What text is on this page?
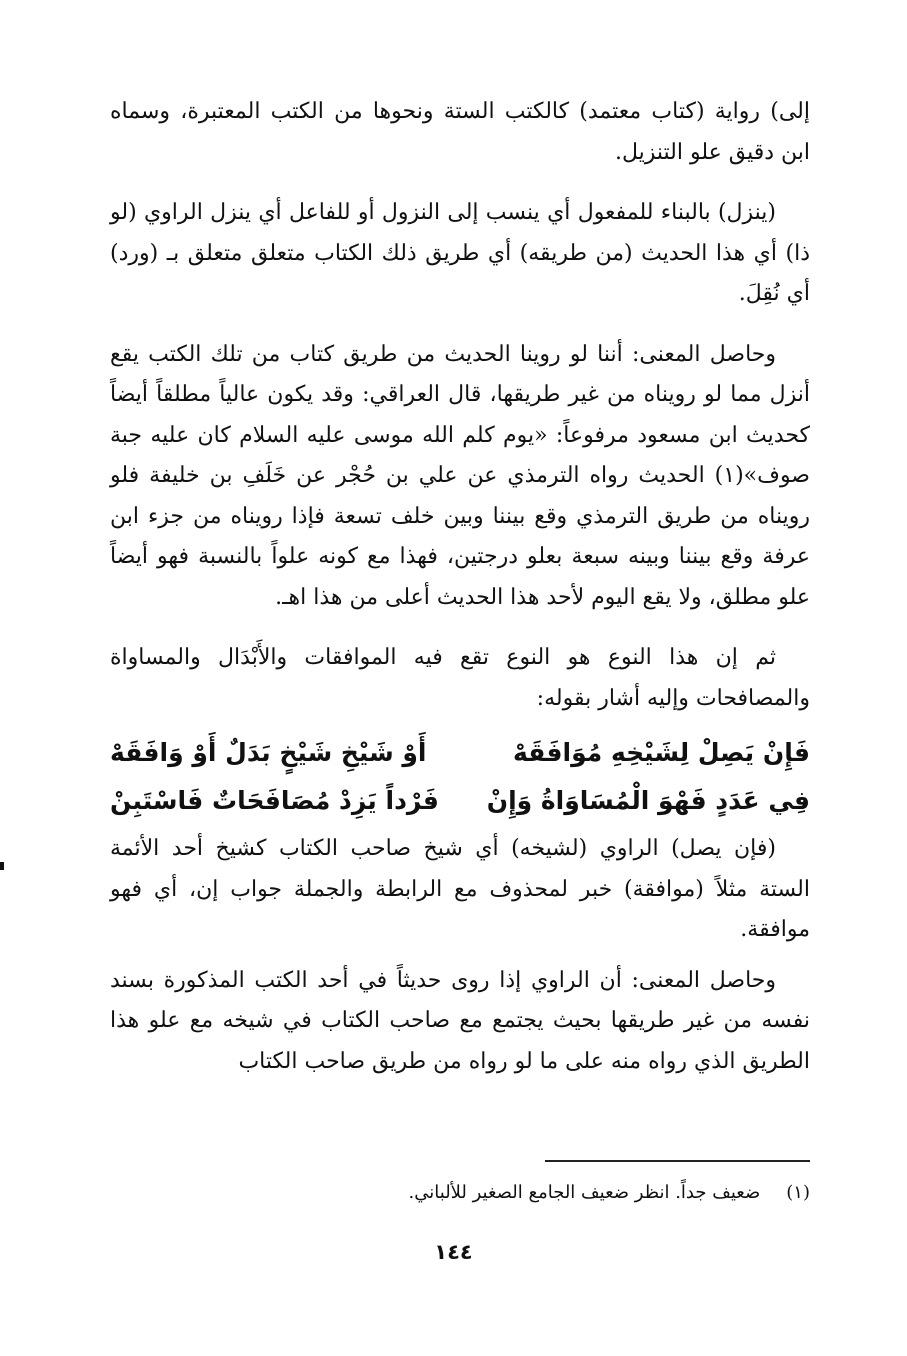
إلى) رواية (كتاب معتمد) كالكتب الستة ونحوها من الكتب المعتبرة، وسماه ابن دقيق علو التنزيل.

(ينزل) بالبناء للمفعول أي ينسب إلى النزول أو للفاعل أي ينزل الراوي (لو ذا) أي هذا الحديث (من طريقه) أي طريق ذلك الكتاب متعلق متعلق بـ (ورد) أي نُقِلَ.

وحاصل المعنى: أننا لو روينا الحديث من طريق كتاب من تلك الكتب يقع أنزل مما لو رويناه من غير طريقها، قال العراقي: وقد يكون عالياً مطلقاً أيضاً كحديث ابن مسعود مرفوعاً: «يوم كلم الله موسى عليه السلام كان عليه جبة صوف»(١) الحديث رواه الترمذي عن علي بن حُجْر عن خَلَفِ بن خليفة فلو رويناه من طريق الترمذي وقع بيننا وبين خلف تسعة فإذا رويناه من جزء ابن عرفة وقع بيننا وبينه سبعة بعلو درجتين، فهذا مع كونه علواً بالنسبة فهو أيضاً علو مطلق، ولا يقع اليوم لأحد هذا الحديث أعلى من هذا اهـ.

ثم إن هذا النوع هو النوع تقع فيه الموافقات والأَبْدَال والمساواة والمصافحات وإليه أشار بقوله:

فَإِنْ يَصِلْ لِشَيْخِهِ مُوَافَقَهْ
أَوْ شَيْخِ شَيْخٍ بَدَلٌ أَوْ وَافَقَهْ
فِي عَدَدٍ فَهْوَ الْمُسَاوَاةُ وَإِنْ
فَرْداً يَزِدْ مُصَافَحَاتٌ فَاسْتَبِنْ

(فإن يصل) الراوي (لشيخه) أي شيخ صاحب الكتاب كشيخ أحد الأئمة الستة مثلاً (موافقة) خبر لمحذوف مع الرابطة والجملة جواب إن، أي فهو موافقة.

وحاصل المعنى: أن الراوي إذا روى حديثاً في أحد الكتب المذكورة بسند نفسه من غير طريقها بحيث يجتمع مع صاحب الكتاب في شيخه مع علو هذا الطريق الذي رواه منه على ما لو رواه من طريق صاحب الكتاب

(١)ضعيف جداً. انظر ضعيف الجامع الصغير للألباني.
١٤٤
